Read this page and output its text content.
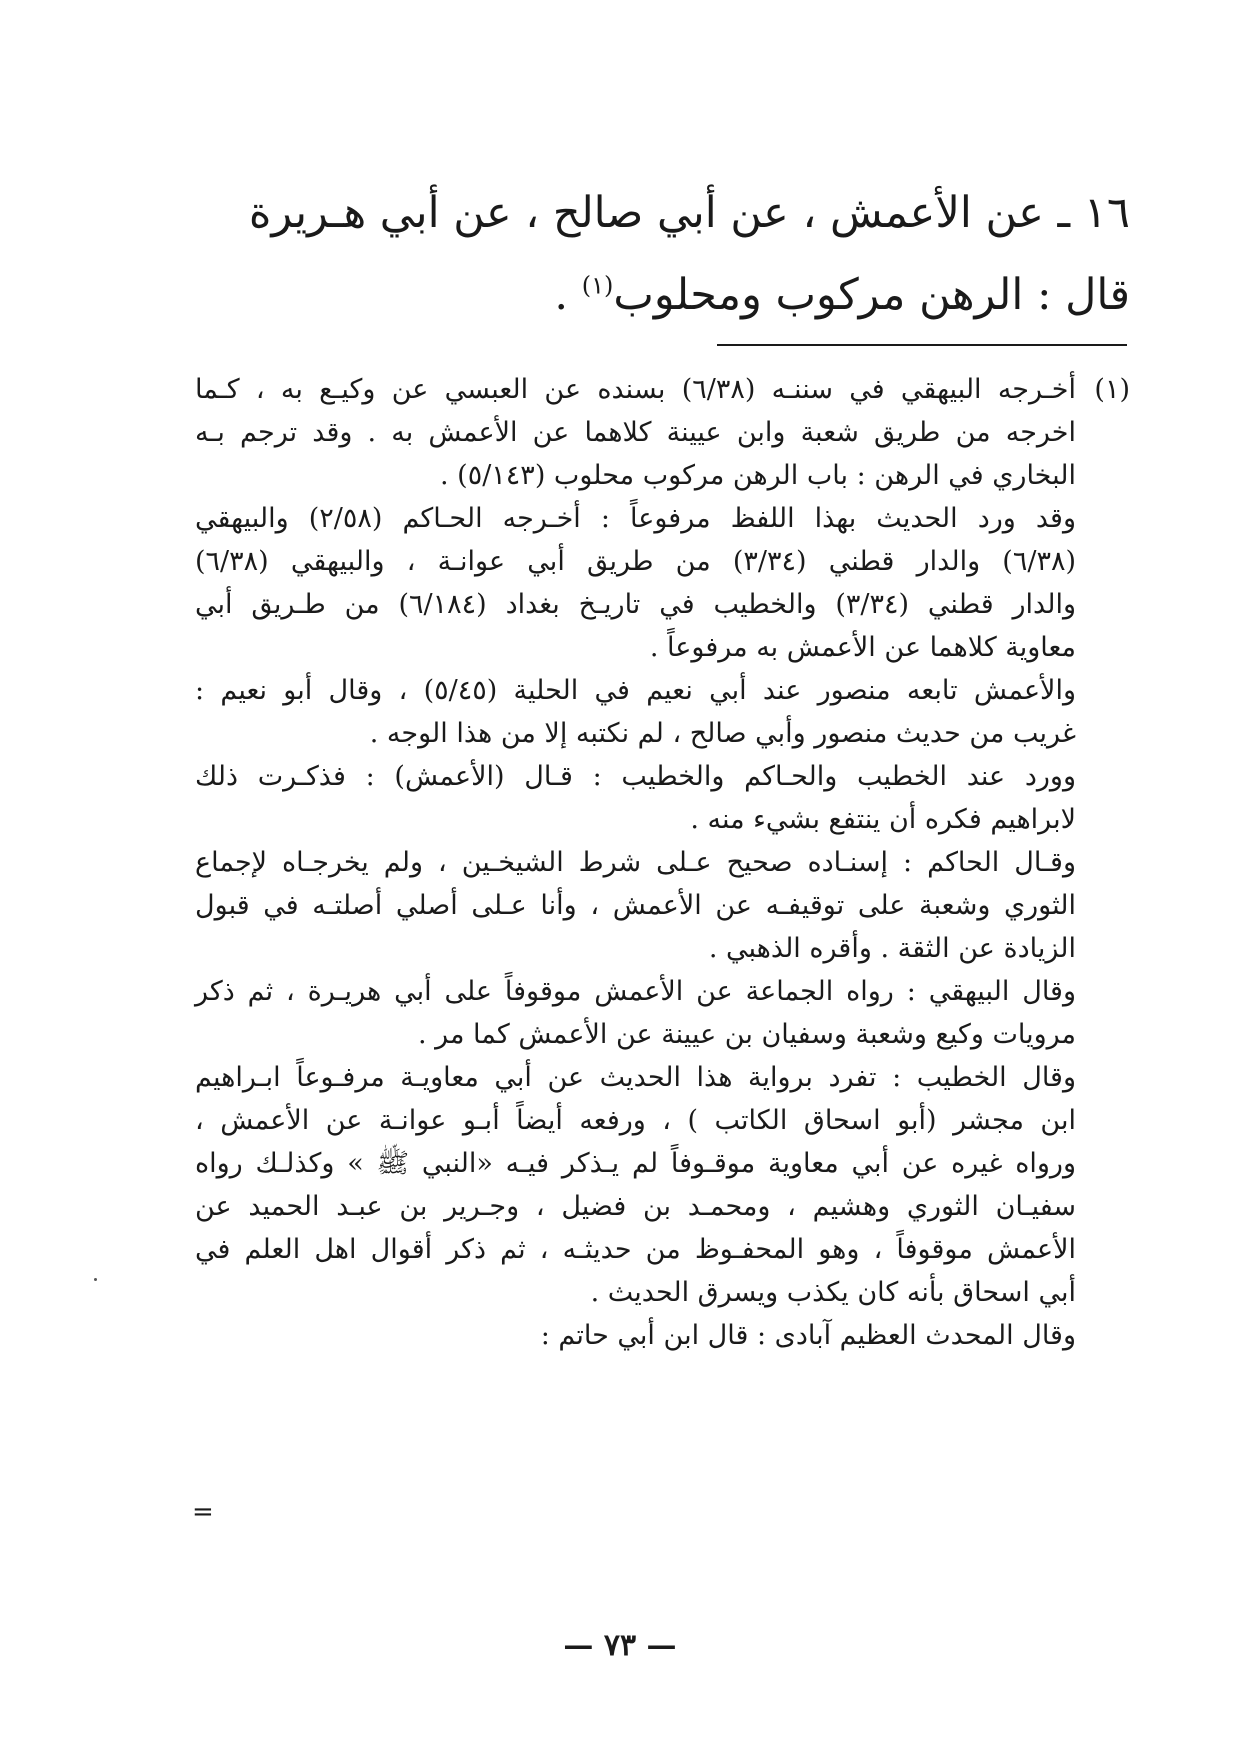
١٦ ـ عن الأعمش ، عن أبي صالح ، عن أبي هـريرة

قال : الرهن مركوب ومحلوب$^{(١)}$ .

(١)
أخـرجه البيهقي في سننـه (٦/٣٨) بسنده عن العبسي عن وكيـع به ، كـما
اخرجه من طريق شعبة وابن عيينة كلاهما عن الأعمش به . وقد ترجم بـه
البخاري في الرهن : باب الرهن مركوب محلوب (٥/١٤٣) .
وقد ورد الحديث بهذا اللفظ مرفوعاً : أخـرجه الحـاكم (٢/٥٨) والبيهقي
(٦/٣٨) والدار قطني (٣/٣٤) من طريق أبي عوانـة ، والبيهقي (٦/٣٨)
والدار قطني (٣/٣٤) والخطيب في تاريـخ بغداد (٦/١٨٤) من طـريق أبي
معاوية كلاهما عن الأعمش به مرفوعاً .
والأعمش تابعه منصور عند أبي نعيم في الحلية (٥/٤٥) ، وقال أبو نعيم :
غريب من حديث منصور وأبي صالح ، لم نكتبه إلا من هذا الوجه .
وورد عند الخطيب والحـاكم والخطيب : قـال (الأعمش) : فذكـرت ذلك
لابراهيم فكره أن ينتفع بشيء منه .
وقـال الحاكم : إسنـاده صحيح عـلى شرط الشيخـين ، ولم يخرجـاه لإجماع
الثوري وشعبة على توقيفـه عن الأعمش ، وأنا عـلى أصلي أصلتـه في قبول
الزيادة عن الثقة . وأقره الذهبي .
وقال البيهقي : رواه الجماعة عن الأعمش موقوفاً على أبي هريـرة ، ثم ذكر
مرويات وكيع وشعبة وسفيان بن عيينة عن الأعمش كما مر .
وقال الخطيب : تفرد برواية هذا الحديث عن أبي معاويـة مرفـوعاً ابـراهيم
ابن مجشر (أبو اسحاق الكاتب ) ، ورفعه أيضاً أبـو عوانـة عن الأعمش ،
ورواه غيره عن أبي معاوية موقـوفاً لم يـذكر فيـه «النبي ﷺ » وكذلـك رواه
سفيـان الثوري وهشيم ، ومحمـد بن فضيل ، وجـرير بن عبـد الحميد عن
الأعمش موقوفاً ، وهو المحفـوظ من حديثـه ، ثم ذكر أقوال اهل العلم في
أبي اسحاق بأنه كان يكذب ويسرق الحديث .
وقال المحدث العظيم آبادى : قال ابن أبي حاتم :
=
— ٧٣ —
